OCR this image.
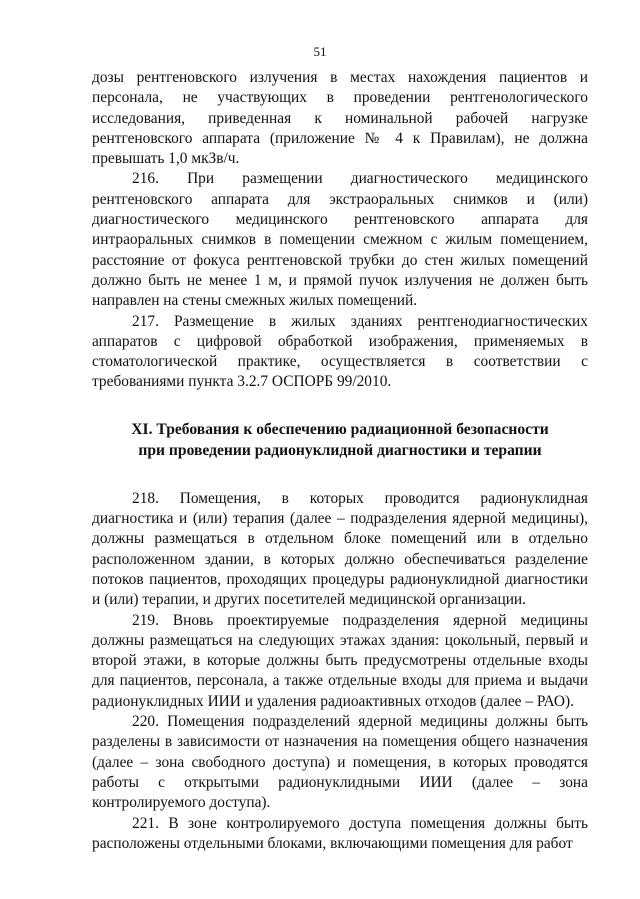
51

дозы рентгеновского излучения в местах нахождения пациентов и персонала, не участвующих в проведении рентгенологического исследования, приведенная к номинальной рабочей нагрузке рентгеновского аппарата (приложение № 4 к Правилам), не должна превышать 1,0 мкЗв/ч.

216. При размещении диагностического медицинского рентгеновского аппарата для экстраоральных снимков и (или) диагностического медицинского рентгеновского аппарата для интраоральных снимков в помещении смежном с жилым помещением, расстояние от фокуса рентгеновской трубки до стен жилых помещений должно быть не менее 1 м, и прямой пучок излучения не должен быть направлен на стены смежных жилых помещений.

217. Размещение в жилых зданиях рентгенодиагностических аппаратов с цифровой обработкой изображения, применяемых в стоматологической практике, осуществляется в соответствии с требованиями пункта 3.2.7 ОСПОРБ 99/2010.

XI. Требования к обеспечению радиационной безопасности
при проведении радионуклидной диагностики и терапии

218. Помещения, в которых проводится радионуклидная диагностика и (или) терапия (далее – подразделения ядерной медицины), должны размещаться в отдельном блоке помещений или в отдельно расположенном здании, в которых должно обеспечиваться разделение потоков пациентов, проходящих процедуры радионуклидной диагностики и (или) терапии, и других посетителей медицинской организации.

219. Вновь проектируемые подразделения ядерной медицины должны размещаться на следующих этажах здания: цокольный, первый и второй этажи, в которые должны быть предусмотрены отдельные входы для пациентов, персонала, а также отдельные входы для приема и выдачи радионуклидных ИИИ и удаления радиоактивных отходов (далее – РАО).

220. Помещения подразделений ядерной медицины должны быть разделены в зависимости от назначения на помещения общего назначения (далее – зона свободного доступа) и помещения, в которых проводятся работы с открытыми радионуклидными ИИИ (далее – зона контролируемого доступа).

221. В зоне контролируемого доступа помещения должны быть расположены отдельными блоками, включающими помещения для работ
